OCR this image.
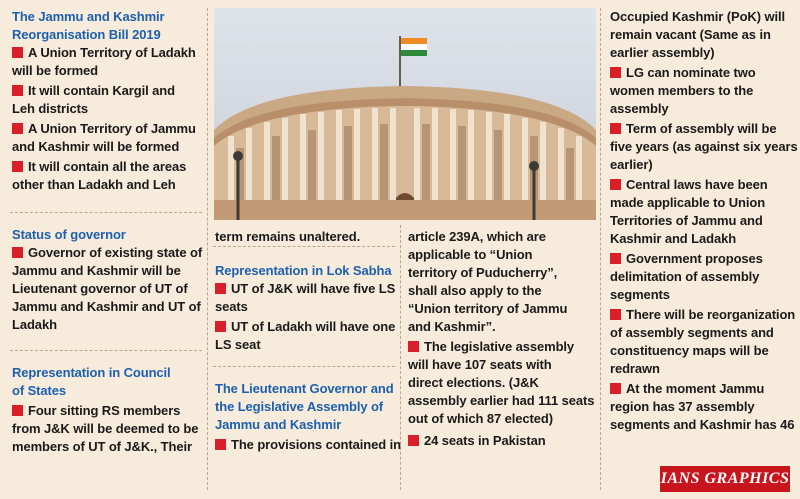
The Jammu and Kashmir
Reorganisation Bill 2019
A Union Territory of Ladakh
will be formed
It will contain Kargil and
Leh districts
A Union Territory of Jammu
and Kashmir will be formed
It will contain all the areas
other than Ladakh and Leh
Status of governor
Governor of existing state of
Jammu and Kashmir will be
Lieutenant governor of UT of
Jammu and Kashmir and UT of
Ladakh
Representation in Council
of States
Four sitting RS members
from J&K will be deemed to be
members of UT of J&K., Their
term remains unaltered.
Representation in Lok Sabha
UT of J&K will have five LS
seats
UT of Ladakh will have one
LS seat
The Lieutenant Governor and
the Legislative Assembly of
Jammu and Kashmir
The provisions contained in
article 239A, which are
applicable to “Union
territory of Puducherry”,
shall also apply to the
“Union territory of Jammu
and Kashmir”.
The legislative assembly
will have 107 seats with
direct elections. (J&K
assembly earlier had 111 seats
out of which 87 elected)
24 seats in Pakistan
Occupied Kashmir (PoK) will
remain vacant (Same as in
earlier assembly)
LG can nominate two
women members to the
assembly
Term of assembly will be
five years (as against six years
earlier)
Central laws have been
made applicable to Union
Territories of Jammu and
Kashmir and Ladakh
Government proposes
delimitation of assembly
segments
There will be reorganization
of assembly segments and
constituency maps will be
redrawn
At the moment Jammu
region has 37 assembly
segments and Kashmir has 46
IANS GRAPHICS
